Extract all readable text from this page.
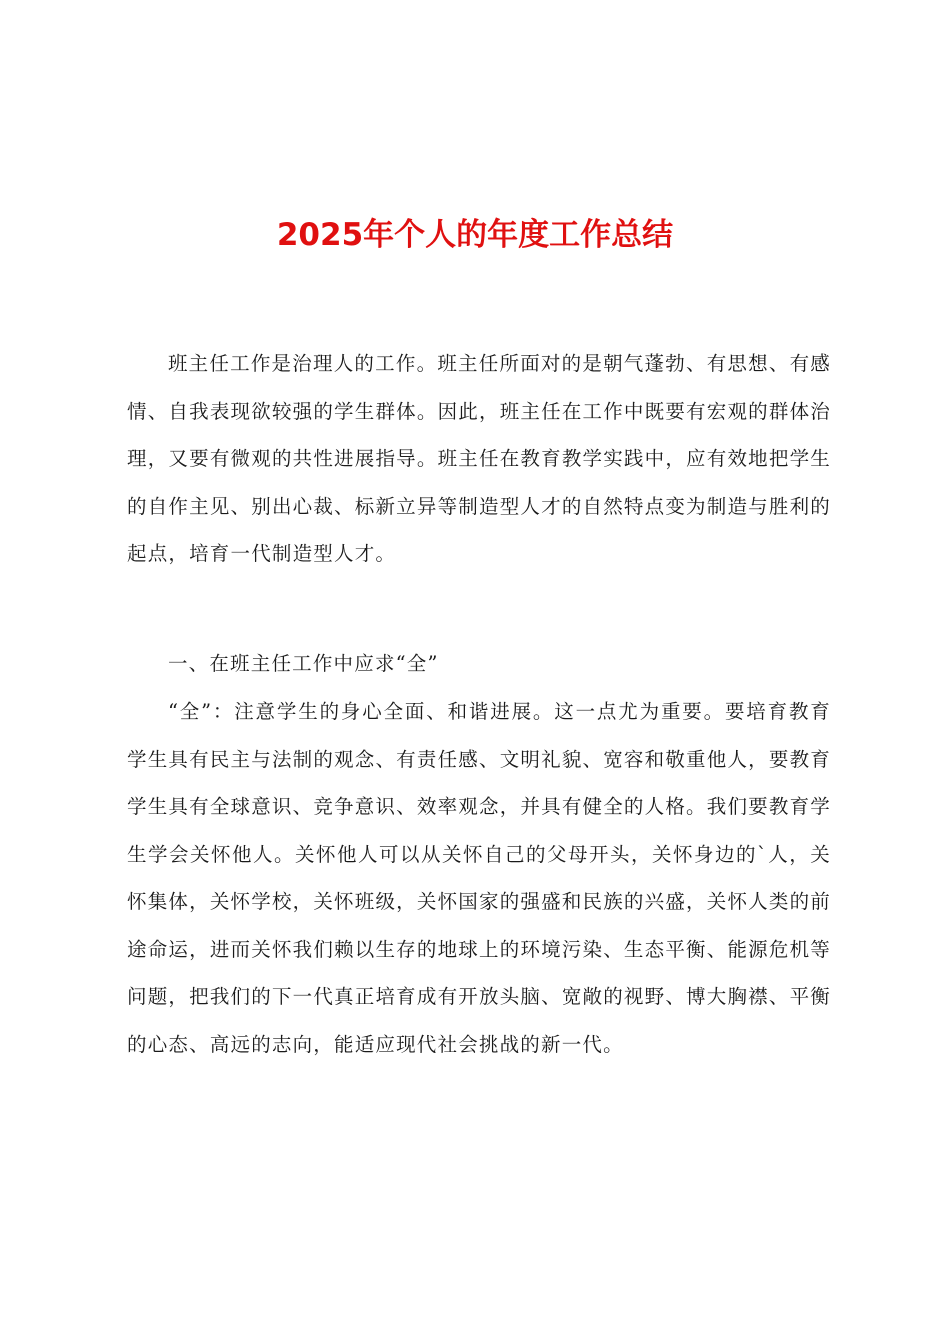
2025年个人的年度工作总结

班主任工作是治理人的工作。班主任所面对的是朝气蓬勃、有思想、有感情、自我表现欲较强的学生群体。因此，班主任在工作中既要有宏观的群体治理，又要有微观的共性进展指导。班主任在教育教学实践中，应有效地把学生的自作主见、别出心裁、标新立异等制造型人才的自然特点变为制造与胜利的起点，培育一代制造型人才。

一、在班主任工作中应求“全”

“全”：注意学生的身心全面、和谐进展。这一点尤为重要。要培育教育学生具有民主与法制的观念、有责任感、文明礼貌、宽容和敬重他人，要教育学生具有全球意识、竞争意识、效率观念，并具有健全的人格。我们要教育学生学会关怀他人。关怀他人可以从关怀自己的父母开头，关怀身边的`人，关怀集体，关怀学校，关怀班级，关怀国家的强盛和民族的兴盛，关怀人类的前途命运，进而关怀我们赖以生存的地球上的环境污染、生态平衡、能源危机等问题，把我们的下一代真正培育成有开放头脑、宽敞的视野、博大胸襟、平衡的心态、高远的志向，能适应现代社会挑战的新一代。
